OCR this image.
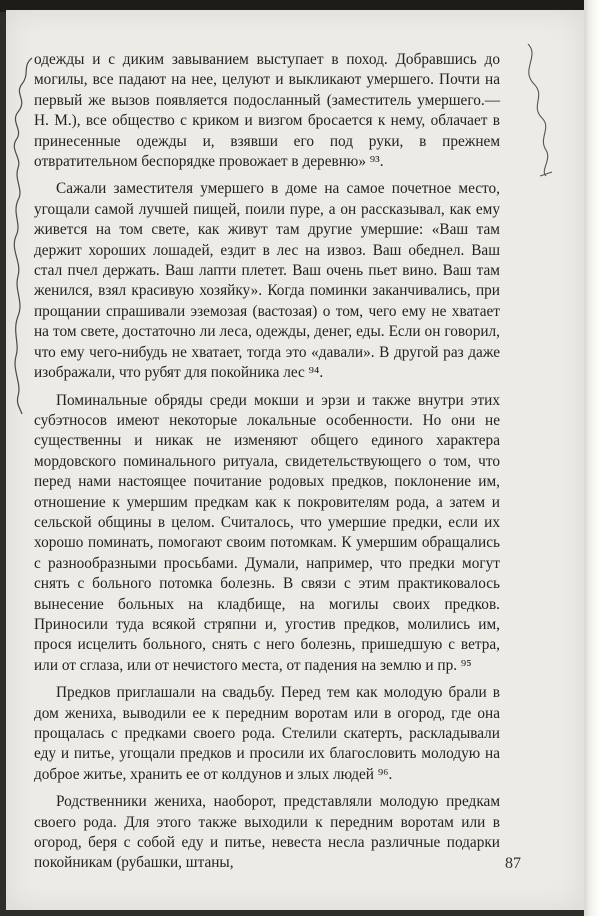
одежды и с диким завыванием выступает в поход. Добравшись до могилы, все падают на нее, целуют и выкликают умершего. Почти на первый же вызов появляется подосланный (заместитель умершего.— Н. М.), все общество с криком и визгом бросается к нему, облачает в принесенные одежды и, взявши его под руки, в прежнем отвратительном беспорядке провожает в деревню» ⁹³.

Сажали заместителя умершего в доме на самое почетное место, угощали самой лучшей пищей, поили пуре, а он рассказывал, как ему живется на том свете, как живут там другие умершие: «Ваш там держит хороших лошадей, ездит в лес на извоз. Ваш обеднел. Ваш стал пчел держать. Ваш лапти плетет. Ваш очень пьет вино. Ваш там женился, взял красивую хозяйку». Когда поминки заканчивались, при прощании спрашивали эземозая (вастозая) о том, чего ему не хватает на том свете, достаточно ли леса, одежды, денег, еды. Если он говорил, что ему чего-нибудь не хватает, тогда это «давали». В другой раз даже изображали, что рубят для покойника лес ⁹⁴.

Поминальные обряды среди мокши и эрзи и также внутри этих субэтносов имеют некоторые локальные особенности. Но они не существенны и никак не изменяют общего единого характера мордовского поминального ритуала, свидетельствующего о том, что перед нами настоящее почитание родовых предков, поклонение им, отношение к умершим предкам как к покровителям рода, а затем и сельской общины в целом. Считалось, что умершие предки, если их хорошо поминать, помогают своим потомкам. К умершим обращались с разнообразными просьбами. Думали, например, что предки могут снять с больного потомка болезнь. В связи с этим практиковалось вынесение больных на кладбище, на могилы своих предков. Приносили туда всякой стряпни и, угостив предков, молились им, прося исцелить больного, снять с него болезнь, пришедшую с ветра, или от сглаза, или от нечистого места, от падения на землю и пр. ⁹⁵

Предков приглашали на свадьбу. Перед тем как молодую брали в дом жениха, выводили ее к передним воротам или в огород, где она прощалась с предками своего рода. Стелили скатерть, раскладывали еду и питье, угощали предков и просили их благословить молодую на доброе житье, хранить ее от колдунов и злых людей ⁹⁶.

Родственники жениха, наоборот, представляли молодую предкам своего рода. Для этого также выходили к передним воротам или в огород, беря с собой еду и питье, невеста несла различные подарки покойникам (рубашки, штаны,	87
